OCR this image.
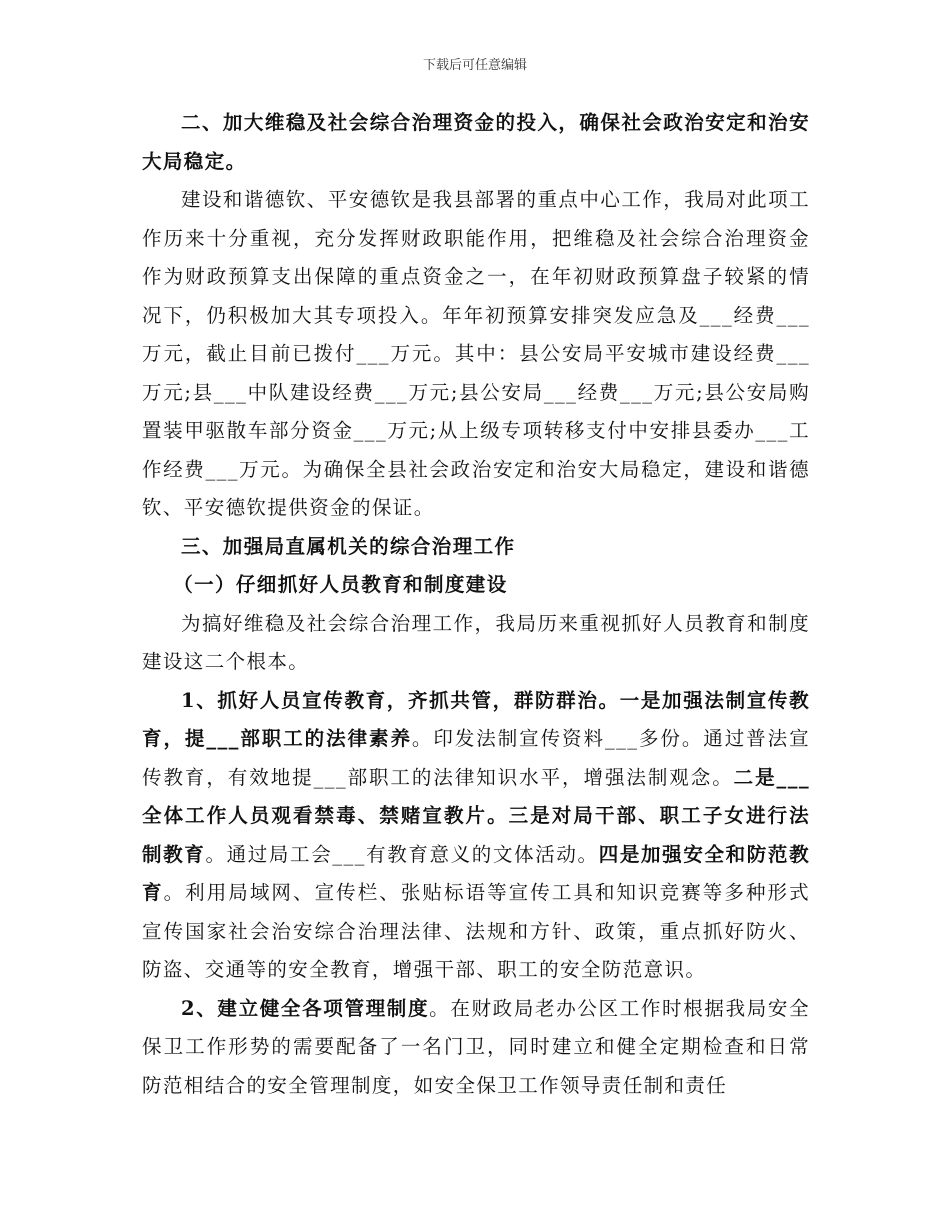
下载后可任意编辑

二、加大维稳及社会综合治理资金的投入，确保社会政治安定和治安大局稳定。

建设和谐德钦、平安德钦是我县部署的重点中心工作，我局对此项工作历来十分重视，充分发挥财政职能作用，把维稳及社会综合治理资金作为财政预算支出保障的重点资金之一，在年初财政预算盘子较紧的情况下，仍积极加大其专项投入。年年初预算安排突发应急及___经费___万元，截止目前已拨付___万元。其中：县公安局平安城市建设经费___万元;县___中队建设经费___万元;县公安局___经费___万元;县公安局购置装甲驱散车部分资金___万元;从上级专项转移支付中安排县委办___工作经费___万元。为确保全县社会政治安定和治安大局稳定，建设和谐德钦、平安德钦提供资金的保证。

三、加强局直属机关的综合治理工作

（一）仔细抓好人员教育和制度建设

为搞好维稳及社会综合治理工作，我局历来重视抓好人员教育和制度建设这二个根本。

1、抓好人员宣传教育，齐抓共管，群防群治。一是加强法制宣传教育，提___部职工的法律素养。印发法制宣传资料___多份。通过普法宣传教育，有效地提___部职工的法律知识水平，增强法制观念。二是___全体工作人员观看禁毒、禁赌宣教片。三是对局干部、职工子女进行法制教育。通过局工会___有教育意义的文体活动。四是加强安全和防范教育。利用局域网、宣传栏、张贴标语等宣传工具和知识竞赛等多种形式宣传国家社会治安综合治理法律、法规和方针、政策，重点抓好防火、防盗、交通等的安全教育，增强干部、职工的安全防范意识。

2、建立健全各项管理制度。在财政局老办公区工作时根据我局安全保卫工作形势的需要配备了一名门卫，同时建立和健全定期检查和日常防范相结合的安全管理制度，如安全保卫工作领导责任制和责任
